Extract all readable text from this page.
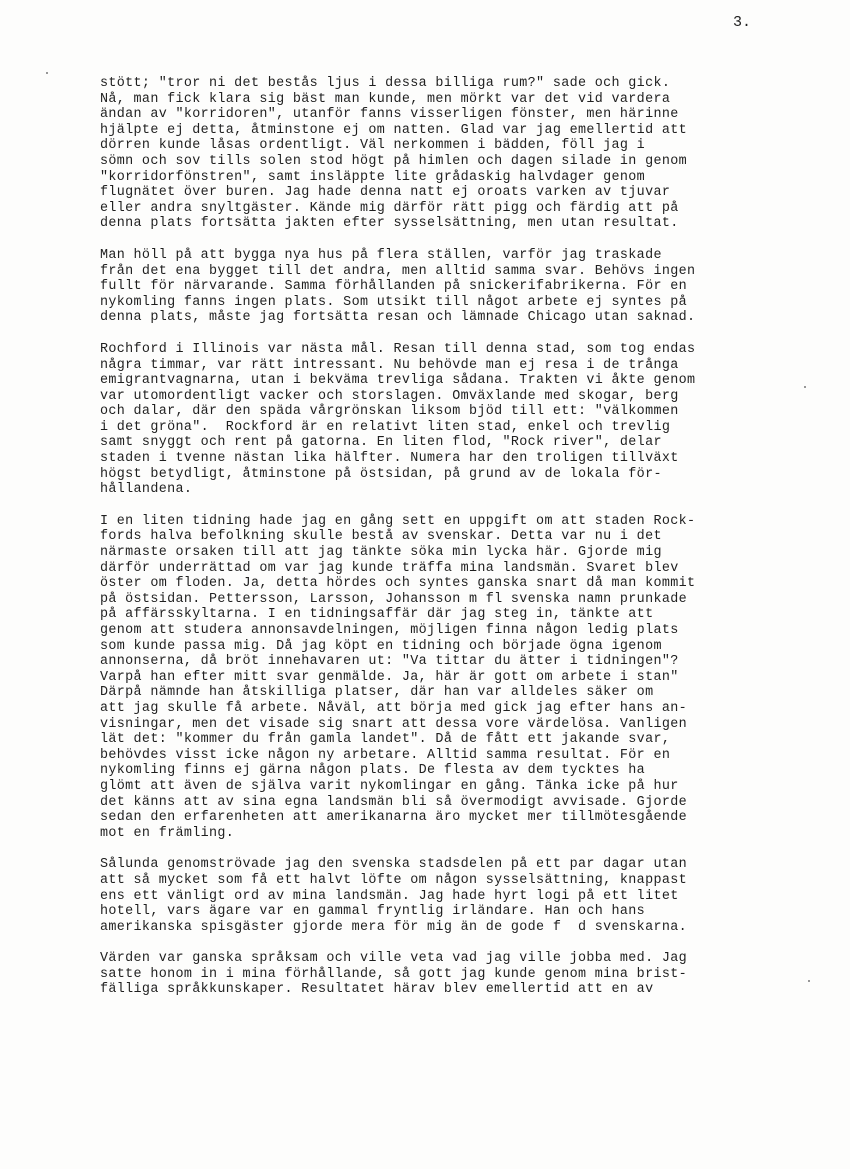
3.
stött; "tror ni det bestås ljus i dessa billiga rum?" sade och gick.
Nå, man fick klara sig bäst man kunde, men mörkt var det vid vardera
ändan av "korridoren", utanför fanns visserligen fönster, men härinne
hjälpte ej detta, åtminstone ej om natten. Glad var jag emellertid att
dörren kunde låsas ordentligt. Väl nerkommen i bädden, föll jag i
sömn och sov tills solen stod högt på himlen och dagen silade in genom
"korridorfönstren", samt insläppte lite grådaskig halvdager genom
flugnätet över buren. Jag hade denna natt ej oroats varken av tjuvar
eller andra snyltgäster. Kände mig därför rätt pigg och färdig att på
denna plats fortsätta jakten efter sysselsättning, men utan resultat.
Man höll på att bygga nya hus på flera ställen, varför jag traskade
från det ena bygget till det andra, men alltid samma svar. Behövs ingen
fullt för närvarande. Samma förhållanden på snickerifabrikerna. För en
nykomling fanns ingen plats. Som utsikt till något arbete ej syntes på
denna plats, måste jag fortsätta resan och lämnade Chicago utan saknad.
Rochford i Illinois var nästa mål. Resan till denna stad, som tog endas
några timmar, var rätt intressant. Nu behövde man ej resa i de trånga
emigrantvagnarna, utan i bekväma trevliga sådana. Trakten vi åkte genom
var utomordentligt vacker och storslagen. Omväxlande med skogar, berg
och dalar, där den späda vårgrönskan liksom bjöd till ett: "välkommen
i det gröna".  Rockford är en relativt liten stad, enkel och trevlig
samt snyggt och rent på gatorna. En liten flod, "Rock river", delar
staden i tvenne nästan lika hälfter. Numera har den troligen tillväxt
högst betydligt, åtminstone på östsidan, på grund av de lokala för-
hållandena.
I en liten tidning hade jag en gång sett en uppgift om att staden Rock-
fords halva befolkning skulle bestå av svenskar. Detta var nu i det
närmaste orsaken till att jag tänkte söka min lycka här. Gjorde mig
därför underrättad om var jag kunde träffa mina landsmän. Svaret blev
öster om floden. Ja, detta hördes och syntes ganska snart då man kommit
på östsidan. Pettersson, Larsson, Johansson m fl svenska namn prunkade
på affärsskyltarna. I en tidningsaffär där jag steg in, tänkte att
genom att studera annonsavdelningen, möjligen finna någon ledig plats
som kunde passa mig. Då jag köpt en tidning och började ögna igenom
annonserna, då bröt innehavaren ut: "Va tittar du ätter i tidningen"?
Varpå han efter mitt svar genmälde. Ja, här är gott om arbete i stan"
Därpå nämnde han åtskilliga platser, där han var alldeles säker om
att jag skulle få arbete. Nåväl, att börja med gick jag efter hans an-
visningar, men det visade sig snart att dessa vore värdelösa. Vanligen
lät det: "kommer du från gamla landet". Då de fått ett jakande svar,
behövdes visst icke någon ny arbetare. Alltid samma resultat. För en
nykomling finns ej gärna någon plats. De flesta av dem tycktes ha
glömt att även de själva varit nykomlingar en gång. Tänka icke på hur
det känns att av sina egna landsmän bli så övermodigt avvisade. Gjorde
sedan den erfarenheten att amerikanarna äro mycket mer tillmötesgående
mot en främling.
Sålunda genomströvade jag den svenska stadsdelen på ett par dagar utan
att så mycket som få ett halvt löfte om någon sysselsättning, knappast
ens ett vänligt ord av mina landsmän. Jag hade hyrt logi på ett litet
hotell, vars ägare var en gammal fryntlig irländare. Han och hans
amerikanska spisgäster gjorde mera för mig än de gode f  d svenskarna.
Värden var ganska språksam och ville veta vad jag ville jobba med. Jag
satte honom in i mina förhållande, så gott jag kunde genom mina brist-
fälliga språkkunskaper. Resultatet härav blev emellertid att en av
